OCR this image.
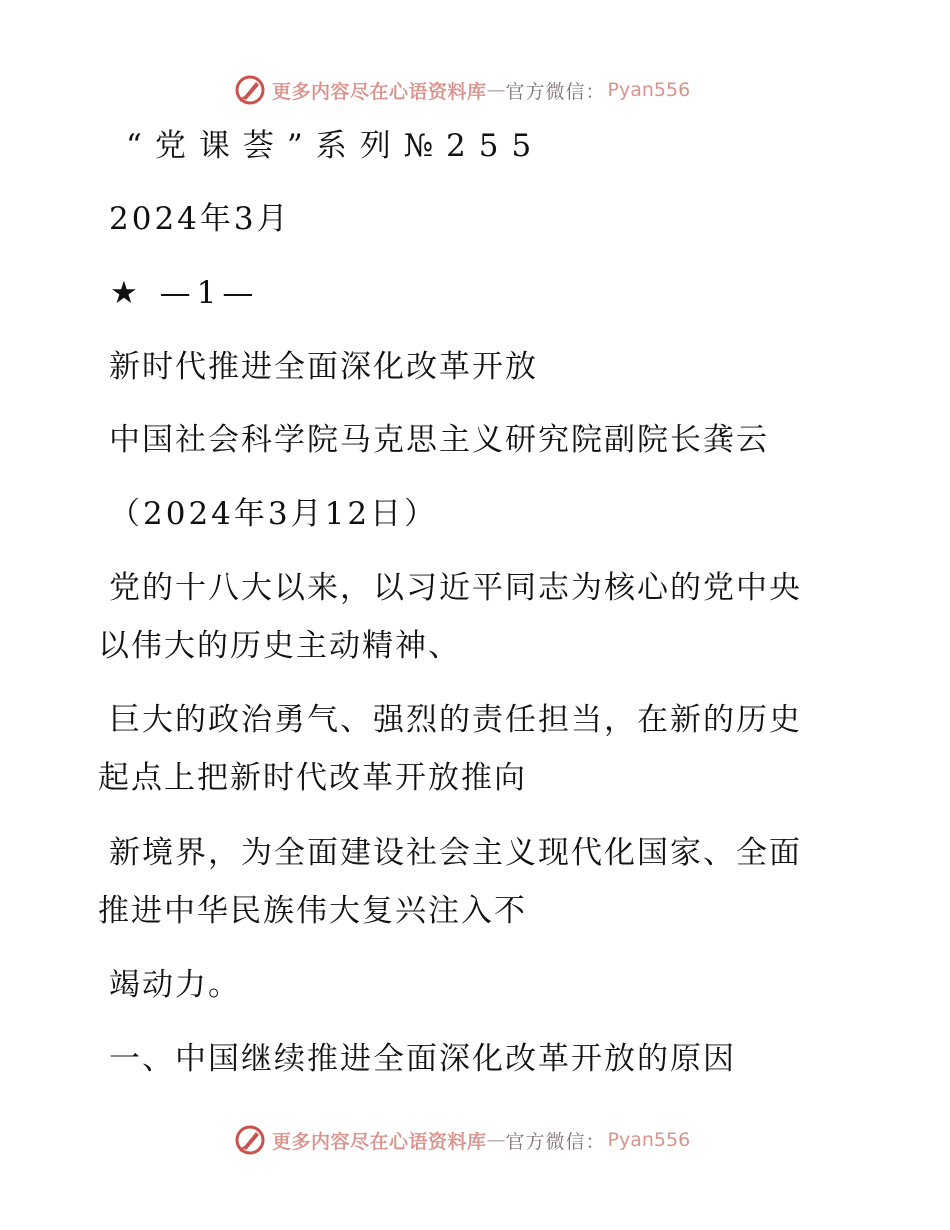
更多内容尽在心语资料库 — 官方微信： Pyan556
“党课荟”系列№255
2024年3月
★ —1—
新时代推进全面深化改革开放
中国社会科学院马克思主义研究院副院长龚云
（2024年3月12日）
党的十八大以来，以习近平同志为核心的党中央
以伟大的历史主动精神、
巨大的政治勇气、强烈的责任担当，在新的历史
起点上把新时代改革开放推向
新境界，为全面建设社会主义现代化国家、全面
推进中华民族伟大复兴注入不
竭动力。
一、中国继续推进全面深化改革开放的原因
更多内容尽在心语资料库 — 官方微信： Pyan556
